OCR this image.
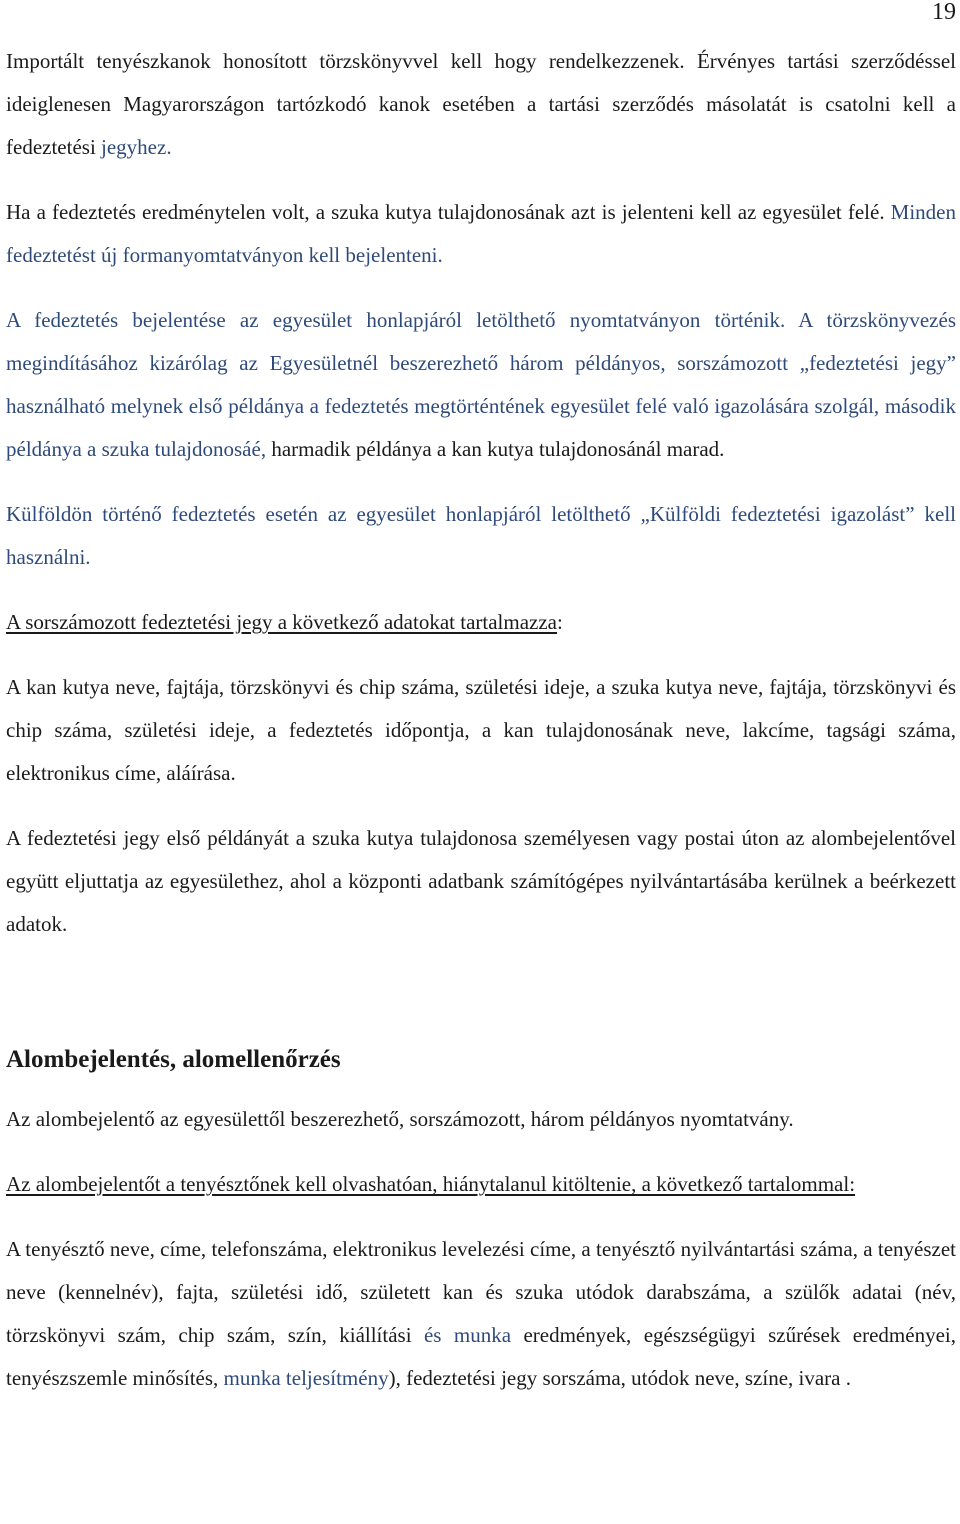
19

Importált tenyészkanok honosított törzskönyvvel kell hogy rendelkezzenek. Érvényes tartási szerződéssel ideiglenesen Magyarországon tartózkodó kanok esetében a tartási szerződés másolatát is csatolni kell a fedeztetési jegyhez.

Ha a fedeztetés eredménytelen volt, a szuka kutya tulajdonosának azt is jelenteni kell az egyesület felé. Minden fedeztetést új formanyomtatványon kell bejelenteni.

A fedeztetés bejelentése az egyesület honlapjáról letölthető nyomtatványon történik. A törzskönyvezés megindításához kizárólag az Egyesületnél beszerezhető három példányos, sorszámozott „fedeztetési jegy” használható melynek első példánya a fedeztetés megtörténtének egyesület felé való igazolására szolgál, második példánya a szuka tulajdonosáé, harmadik példánya a kan kutya tulajdonosánál marad.

Külföldön történő fedeztetés esetén az egyesület honlapjáról letölthető „Külföldi fedeztetési igazolást” kell használni.

A sorszámozott fedeztetési jegy a következő adatokat tartalmazza:

A kan kutya neve, fajtája, törzskönyvi és chip száma, születési ideje, a szuka kutya neve, fajtája, törzskönyvi és chip száma, születési ideje, a fedeztetés időpontja, a kan tulajdonosának neve, lakcíme, tagsági száma, elektronikus címe, aláírása.

A fedeztetési jegy első példányát a szuka kutya tulajdonosa személyesen vagy postai úton az alombejelentővel együtt eljuttatja az egyesülethez, ahol a központi adatbank számítógépes nyilvántartásába kerülnek a beérkezett adatok.

Alombejelentés, alomellenőrzés

Az alombejelentő az egyesülettől beszerezhető, sorszámozott, három példányos nyomtatvány.

Az alombejelentőt a tenyésztőnek kell olvashatóan, hiánytalanul kitöltenie, a következő tartalommal:

A tenyésztő neve, címe, telefonszáma, elektronikus levelezési címe, a tenyésztő nyilvántartási száma, a tenyészet neve (kennelnév), fajta, születési idő, született kan és szuka utódok darabszáma, a szülők adatai (név, törzskönyvi szám, chip szám, szín, kiállítási és munka eredmények, egészségügyi szűrések eredményei, tenyészszemle minősítés, munka teljesítmény), fedeztetési jegy sorszáma, utódok neve, színe, ivara .
